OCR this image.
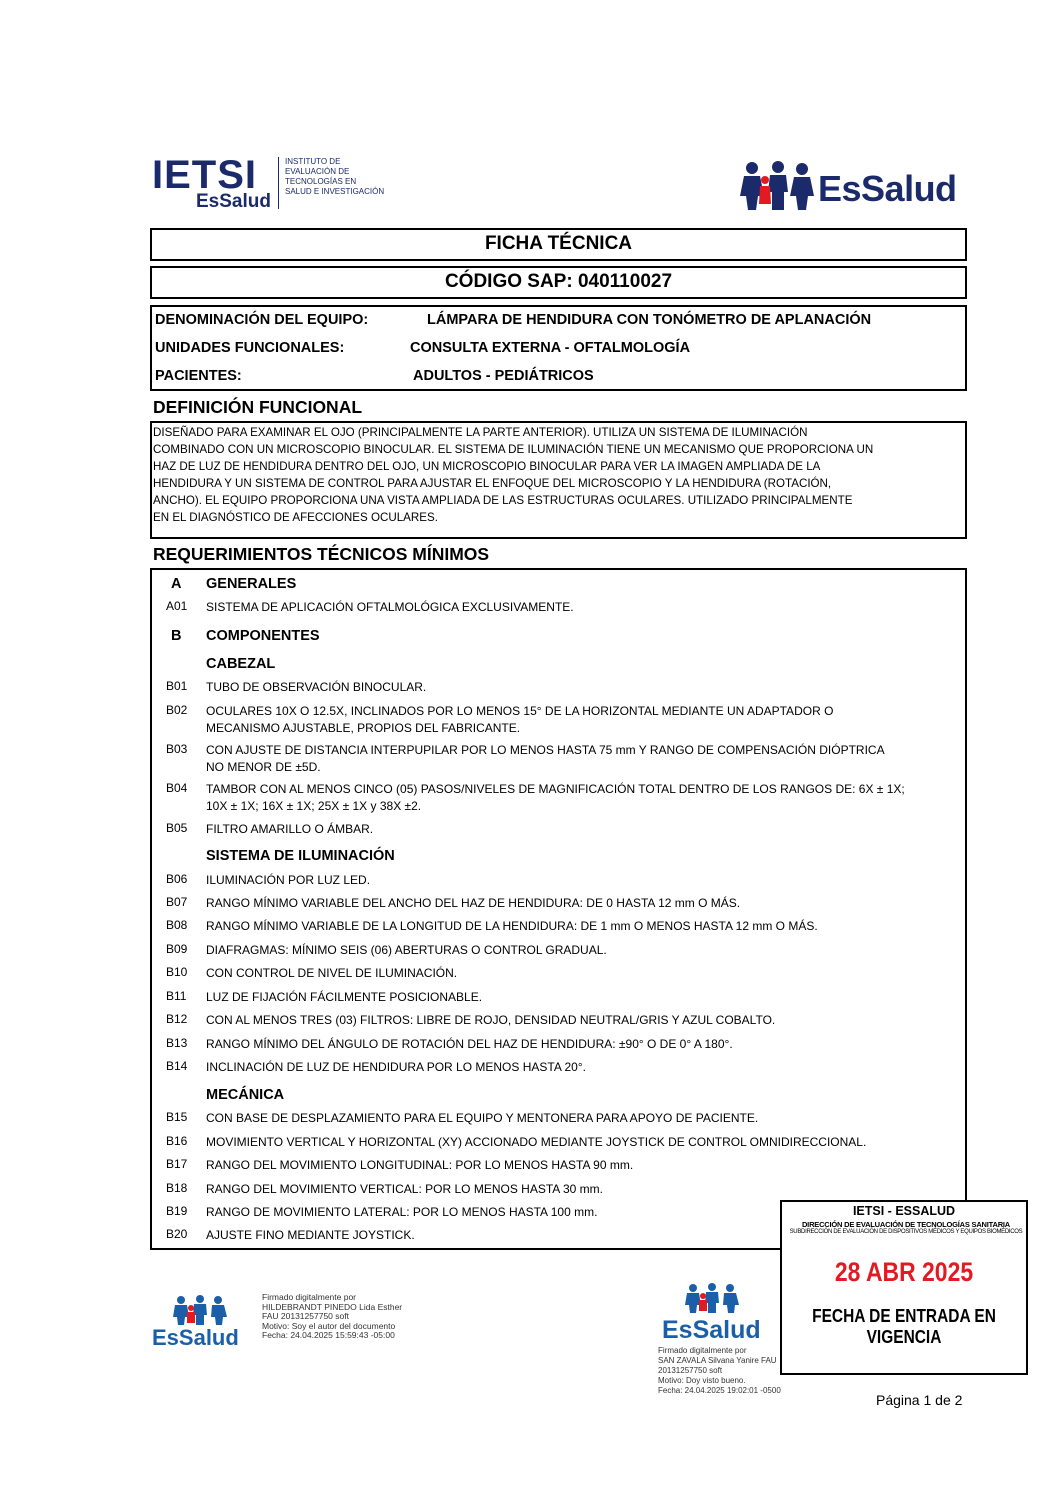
IETSI
EsSalud
INSTITUTO DE EVALUACIÓN DE TECNOLOGÍAS EN SALUD E INVESTIGACIÓN	EsSalud
FICHA TÉCNICA
CÓDIGO SAP: 040110027
DENOMINACIÓN DEL EQUIPO:	LÁMPARA DE HENDIDURA CON TONÓMETRO DE APLANACIÓN
UNIDADES FUNCIONALES:	CONSULTA EXTERNA - OFTALMOLOGÍA
PACIENTES:	ADULTOS - PEDIÁTRICOS
DEFINICIÓN FUNCIONAL
DISEÑADO PARA EXAMINAR EL OJO (PRINCIPALMENTE LA PARTE ANTERIOR). UTILIZA UN SISTEMA DE ILUMINACIÓN
COMBINADO CON UN MICROSCOPIO BINOCULAR. EL SISTEMA DE ILUMINACIÓN TIENE UN MECANISMO QUE PROPORCIONA UN
HAZ DE LUZ DE HENDIDURA DENTRO DEL OJO, UN MICROSCOPIO BINOCULAR PARA VER LA IMAGEN AMPLIADA DE LA
HENDIDURA Y UN SISTEMA DE CONTROL PARA AJUSTAR EL ENFOQUE DEL MICROSCOPIO Y LA HENDIDURA (ROTACIÓN,
ANCHO). EL EQUIPO PROPORCIONA UNA VISTA AMPLIADA DE LAS ESTRUCTURAS OCULARES. UTILIZADO PRINCIPALMENTE
EN EL DIAGNÓSTICO DE AFECCIONES OCULARES.
REQUERIMIENTOS TÉCNICOS MÍNIMOS
A GENERALES
A01 SISTEMA DE APLICACIÓN OFTALMOLÓGICA EXCLUSIVAMENTE.
B COMPONENTES
CABEZAL
B01 TUBO DE OBSERVACIÓN BINOCULAR.
B02 OCULARES 10X O 12.5X, INCLINADOS POR LO MENOS 15° DE LA HORIZONTAL MEDIANTE UN ADAPTADOR O
MECANISMO AJUSTABLE, PROPIOS DEL FABRICANTE.
B03 CON AJUSTE DE DISTANCIA INTERPUPILAR POR LO MENOS HASTA 75 mm Y RANGO DE COMPENSACIÓN DIÓPTRICA
NO MENOR DE ±5D.
B04 TAMBOR CON AL MENOS CINCO (05) PASOS/NIVELES DE MAGNIFICACIÓN TOTAL DENTRO DE LOS RANGOS DE: 6X ± 1X;
10X ± 1X; 16X ± 1X; 25X ± 1X y 38X ±2.
B05 FILTRO AMARILLO O ÁMBAR.
SISTEMA DE ILUMINACIÓN
B06 ILUMINACIÓN POR LUZ LED.
B07 RANGO MÍNIMO VARIABLE DEL ANCHO DEL HAZ DE HENDIDURA: DE 0 HASTA 12 mm O MÁS.
B08 RANGO MÍNIMO VARIABLE DE LA LONGITUD DE LA HENDIDURA: DE 1 mm O MENOS HASTA 12 mm O MÁS.
B09 DIAFRAGMAS: MÍNIMO SEIS (06) ABERTURAS O CONTROL GRADUAL.
B10 CON CONTROL DE NIVEL DE ILUMINACIÓN.
B11 LUZ DE FIJACIÓN FÁCILMENTE POSICIONABLE.
B12 CON AL MENOS TRES (03) FILTROS: LIBRE DE ROJO, DENSIDAD NEUTRAL/GRIS Y AZUL COBALTO.
B13 RANGO MÍNIMO DEL ÁNGULO DE ROTACIÓN DEL HAZ DE HENDIDURA: ±90° O DE 0° A 180°.
B14 INCLINACIÓN DE LUZ DE HENDIDURA POR LO MENOS HASTA 20°.
MECÁNICA
B15 CON BASE DE DESPLAZAMIENTO PARA EL EQUIPO Y MENTONERA PARA APOYO DE PACIENTE.
B16 MOVIMIENTO VERTICAL Y HORIZONTAL (XY) ACCIONADO MEDIANTE JOYSTICK DE CONTROL OMNIDIRECCIONAL.
B17 RANGO DEL MOVIMIENTO LONGITUDINAL: POR LO MENOS HASTA 90 mm.
B18 RANGO DEL MOVIMIENTO VERTICAL: POR LO MENOS HASTA 30 mm.
B19 RANGO DE MOVIMIENTO LATERAL: POR LO MENOS HASTA 100 mm.
B20 AJUSTE FINO MEDIANTE JOYSTICK.
EsSalud
Firmado digitalmente por
HILDEBRANDT PINEDO Lida Esther
FAU 20131257750 soft
Motivo: Soy el autor del documento
Fecha: 24.04.2025 15:59:43 -05:00	EsSalud
Firmado digitalmente por
SAN ZAVALA Silvana Yanire FAU
20131257750 soft
Motivo: Doy visto bueno.
Fecha: 24.04.2025 19:02:01 -0500
IETSI - ESSALUD
DIRECCIÓN DE EVALUACIÓN DE TECNOLOGÍAS SANITARIA
SUBDIRECCIÓN DE EVALUACIÓN DE DISPOSITIVOS MÉDICOS Y EQUIPOS BIOMÉDICOS
28 ABR 2025
FECHA DE ENTRADA EN VIGENCIA
Página 1 de 2
